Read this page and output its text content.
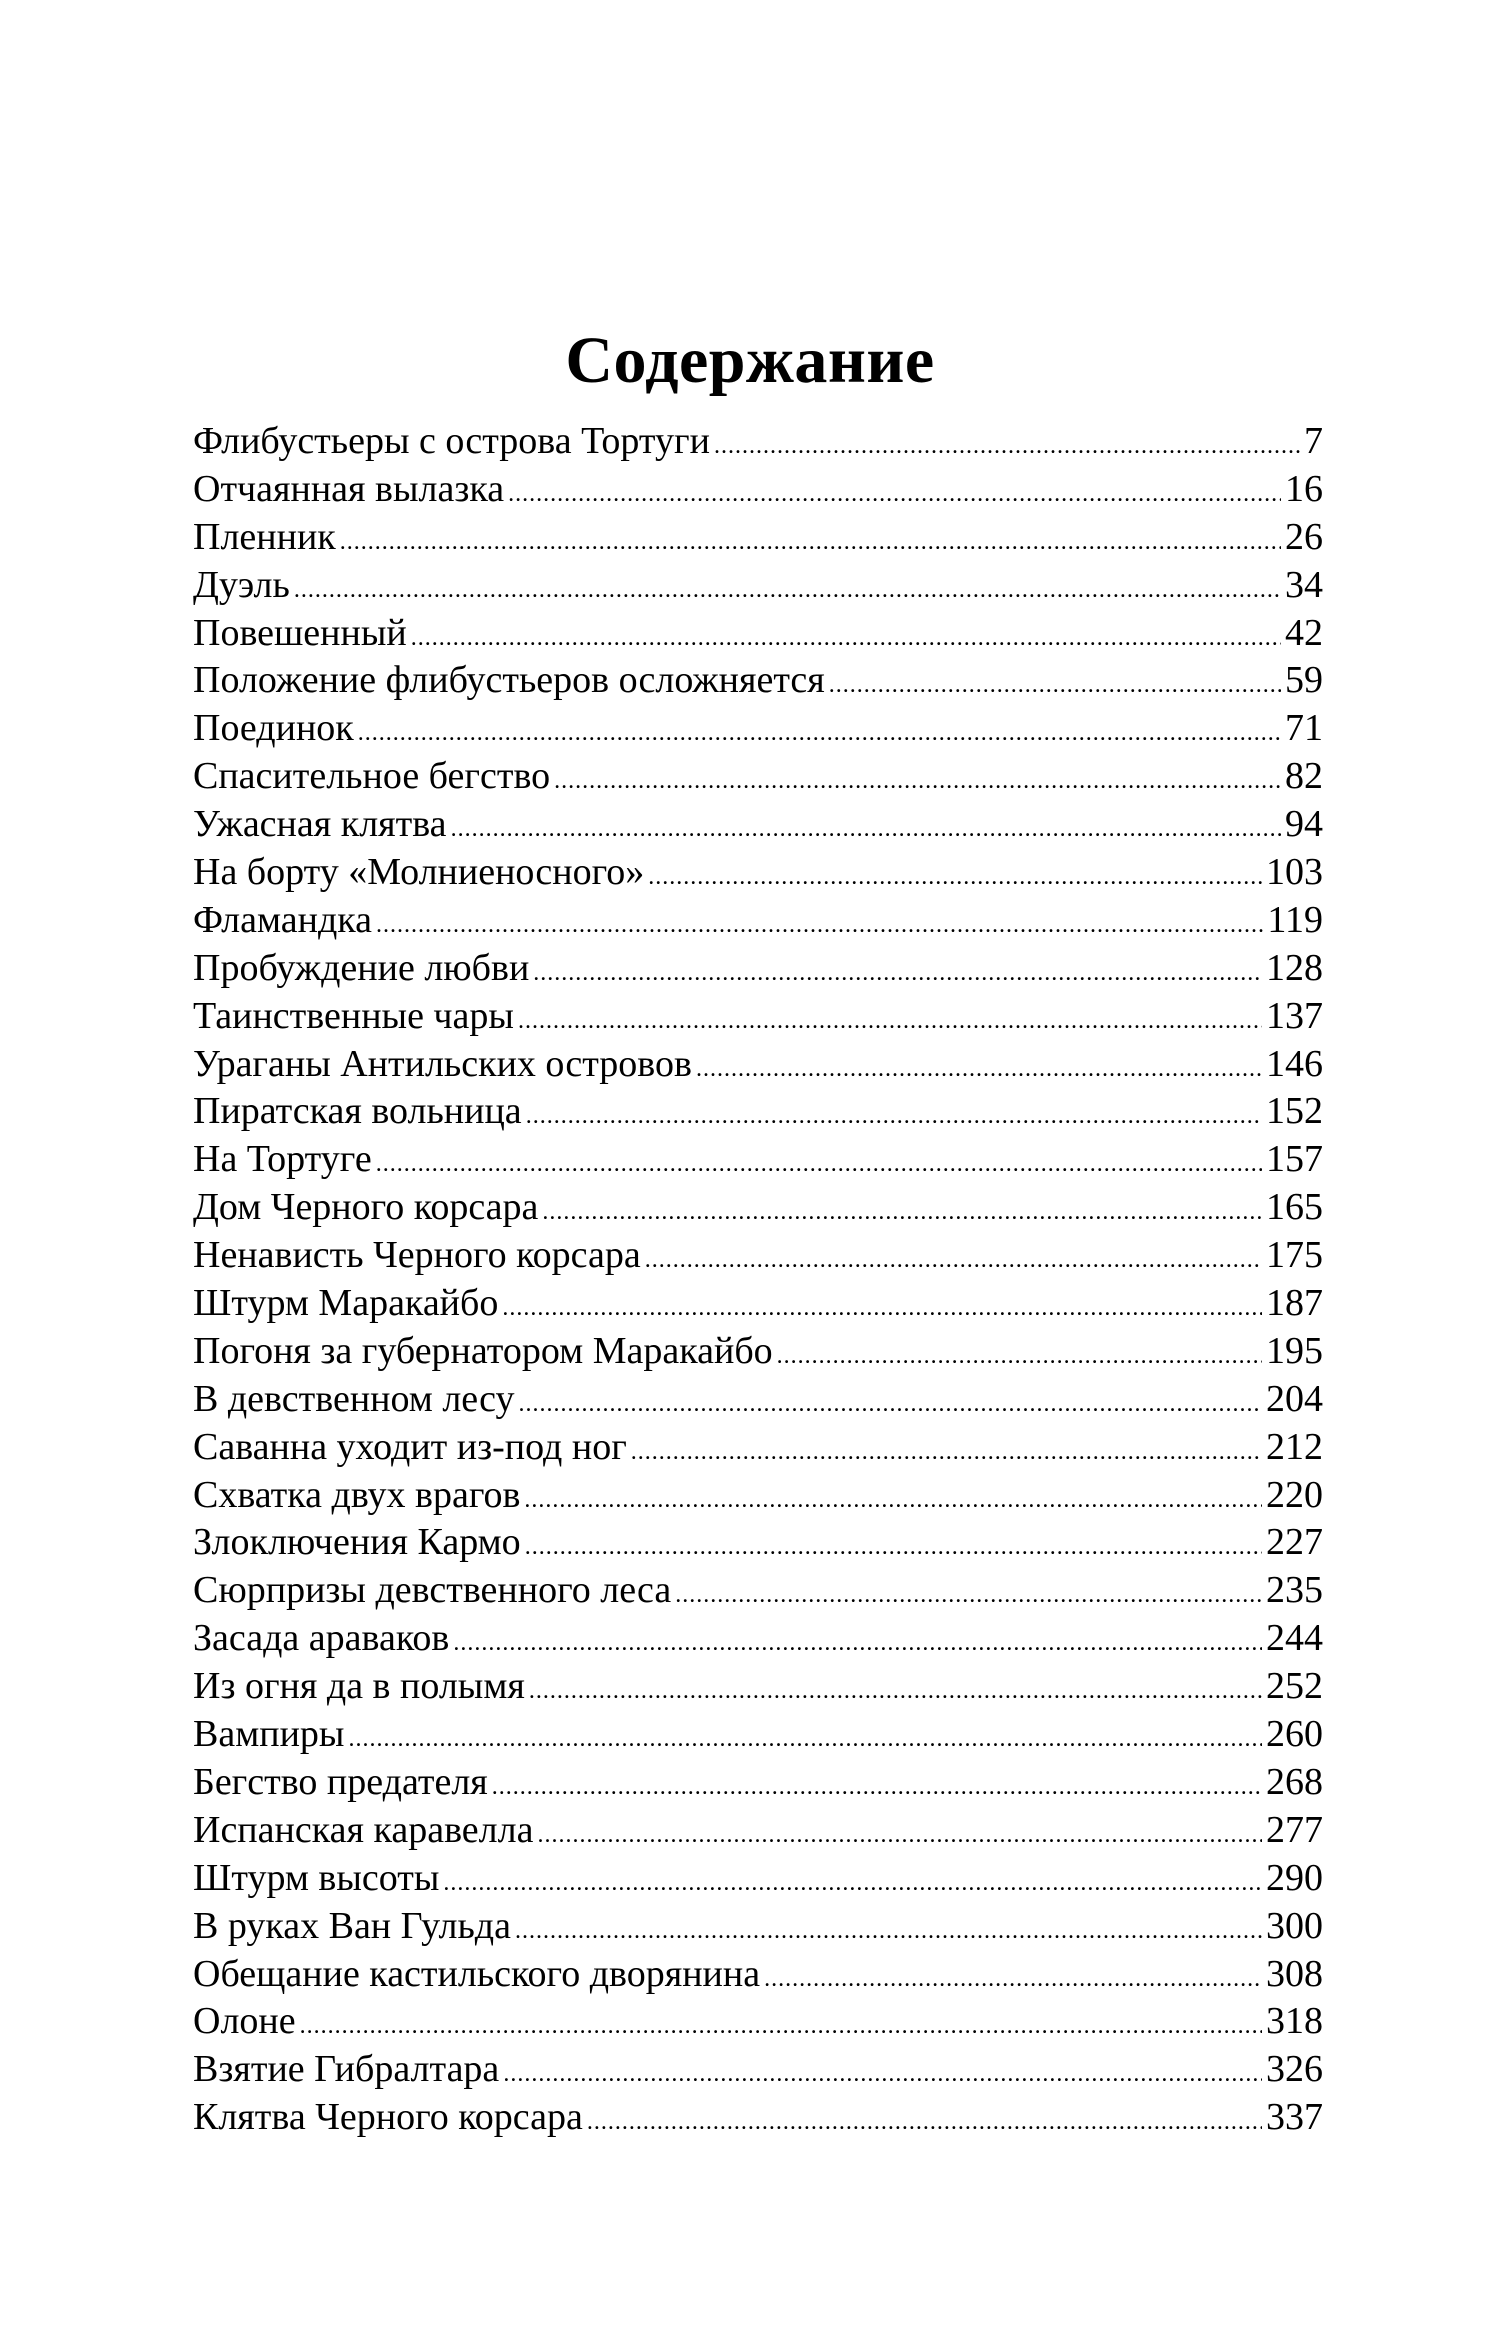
Содержание
Флибустьеры с острова Тортуги .....	7
Отчаянная вылазка .....	16
Пленник .....	26
Дуэль .....	34
Повешенный .....	42
Положение флибустьеров осложняется .....	59
Поединок .....	71
Спасительное бегство .....	82
Ужасная клятва .....	94
На борту «Молниеносного» .....	103
Фламандка .....	119
Пробуждение любви .....	128
Таинственные чары .....	137
Ураганы Антильских островов .....	146
Пиратская вольница .....	152
На Тортуге .....	157
Дом Черного корсара .....	165
Ненависть Черного корсара .....	175
Штурм Маракайбо .....	187
Погоня за губернатором Маракайбо .....	195
В девственном лесу .....	204
Саванна уходит из-под ног .....	212
Схватка двух врагов .....	220
Злоключения Кармо .....	227
Сюрпризы девственного леса .....	235
Засада араваков .....	244
Из огня да в полымя .....	252
Вампиры .....	260
Бегство предателя .....	268
Испанская каравелла .....	277
Штурм высоты .....	290
В руках Ван Гульда .....	300
Обещание кастильского дворянина .....	308
Олоне .....	318
Взятие Гибралтара .....	326
Клятва Черного корсара .....	337
